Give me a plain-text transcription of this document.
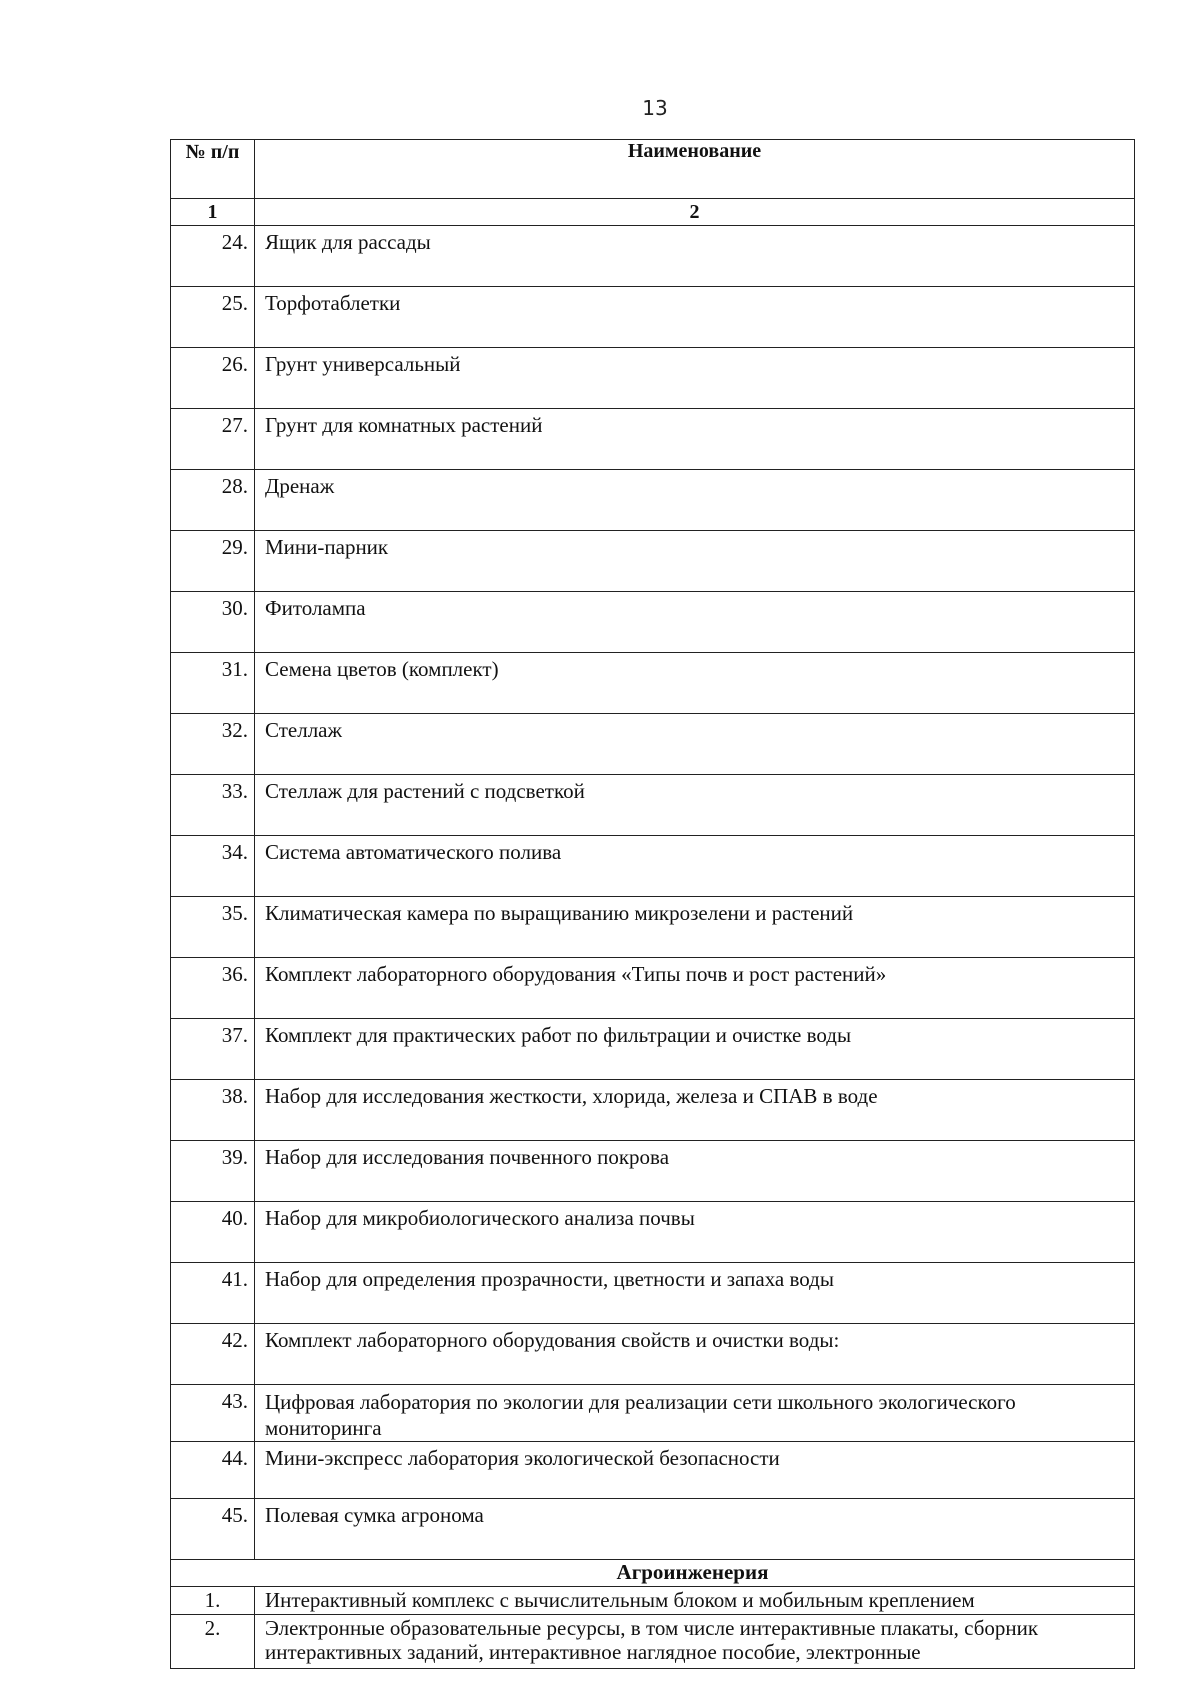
13
№ п/п	Наименование
1	2
24.	Ящик для рассады
25.	Торфотаблетки
26.	Грунт универсальный
27.	Грунт для комнатных растений
28.	Дренаж
29.	Мини-парник
30.	Фитолампа
31.	Семена цветов (комплект)
32.	Стеллаж
33.	Стеллаж для растений с подсветкой
34.	Система автоматического полива
35.	Климатическая камера по выращиванию микрозелени и растений
36.	Комплект лабораторного оборудования «Типы почв и рост растений»
37.	Комплект для практических работ по фильтрации и очистке воды
38.	Набор для исследования жесткости, хлорида, железа и СПАВ в воде
39.	Набор для исследования почвенного покрова
40.	Набор для микробиологического анализа почвы
41.	Набор для определения прозрачности, цветности и запаха воды
42.	Комплект лабораторного оборудования свойств и очистки воды:
43.	Цифровая лаборатория по экологии для реализации сети школьного экологического мониторинга
44.	Мини-экспресс лаборатория экологической безопасности
45.	Полевая сумка агронома
Агроинженерия	
1.	Интерактивный комплекс с вычислительным блоком и мобильным креплением
2.	Электронные образовательные ресурсы, в том числе интерактивные плакаты, сборник интерактивных заданий, интерактивное наглядное пособие, электронные
